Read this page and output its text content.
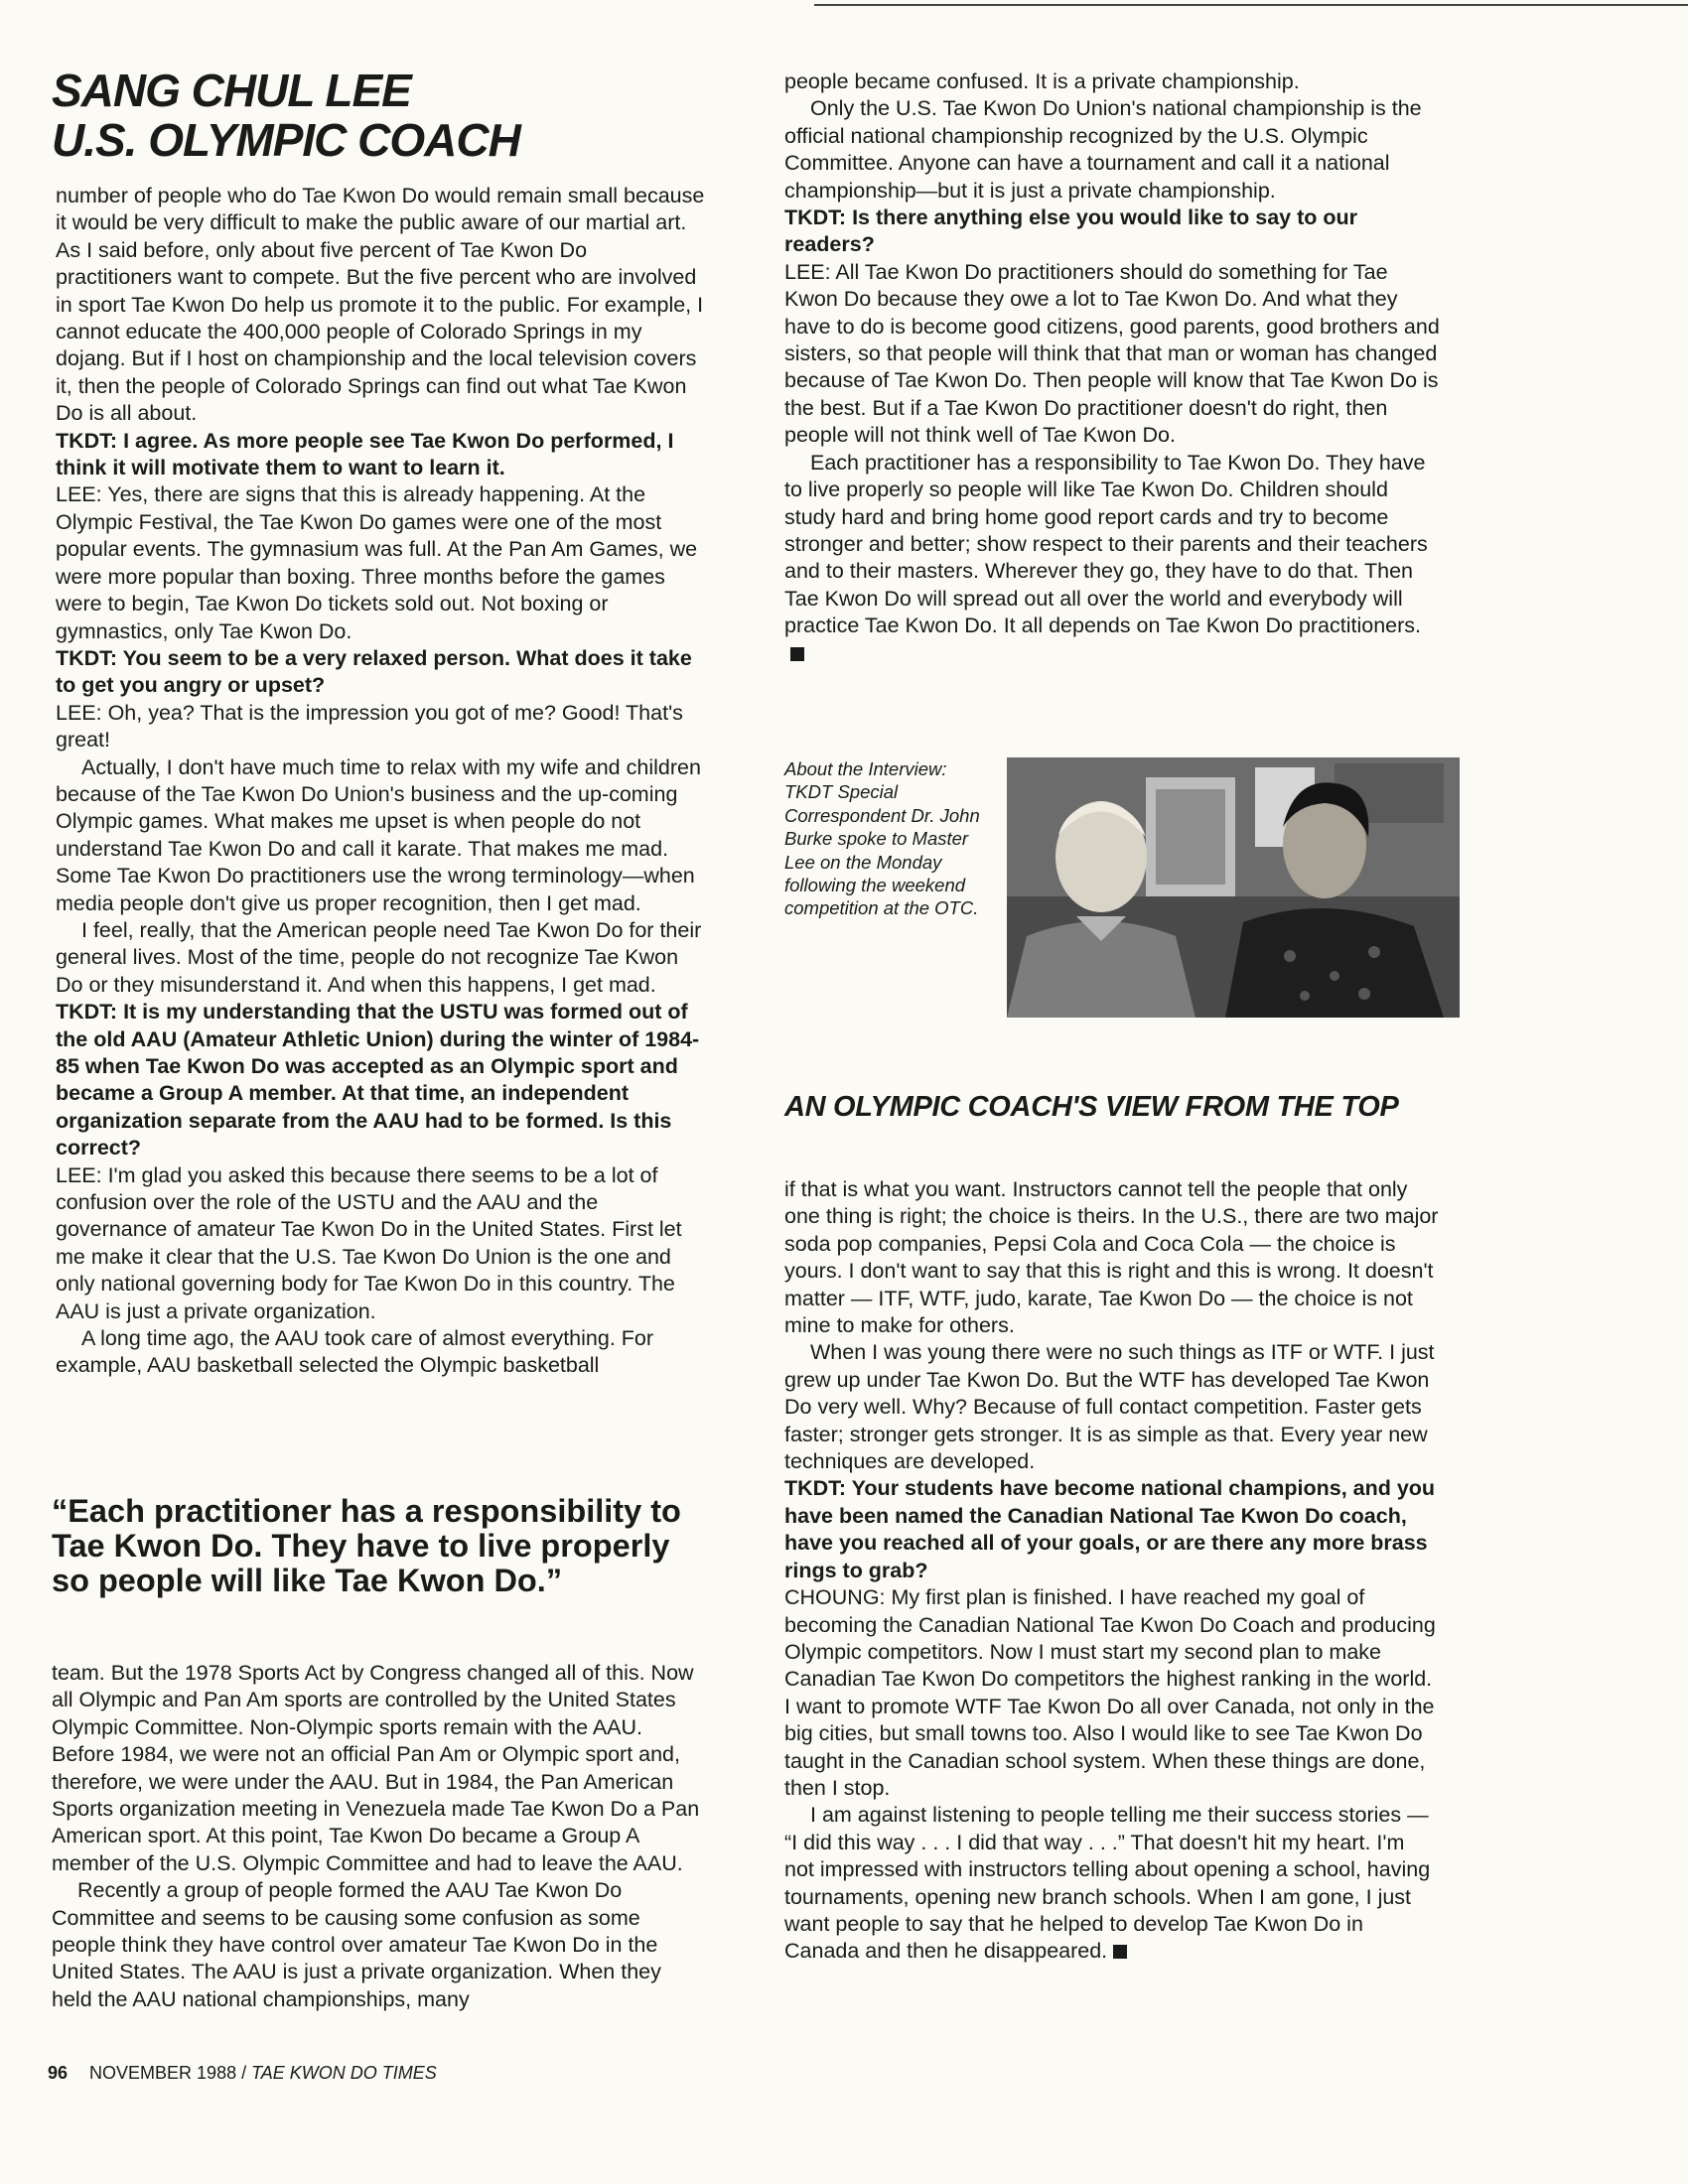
SANG CHUL LEE
U.S. OLYMPIC COACH

number of people who do Tae Kwon Do would remain small because it would be very difficult to make the public aware of our martial art. As I said before, only about five percent of Tae Kwon Do practitioners want to compete. But the five percent who are involved in sport Tae Kwon Do help us promote it to the public. For example, I cannot educate the 400,000 people of Colorado Springs in my dojang. But if I host on championship and the local television covers it, then the people of Colorado Springs can find out what Tae Kwon Do is all about.

TKDT: I agree. As more people see Tae Kwon Do performed, I think it will motivate them to want to learn it.

LEE: Yes, there are signs that this is already happening. At the Olympic Festival, the Tae Kwon Do games were one of the most popular events. The gymnasium was full. At the Pan Am Games, we were more popular than boxing. Three months before the games were to begin, Tae Kwon Do tickets sold out. Not boxing or gymnastics, only Tae Kwon Do.

TKDT: You seem to be a very relaxed person. What does it take to get you angry or upset?

LEE: Oh, yea? That is the impression you got of me? Good! That's great!

Actually, I don't have much time to relax with my wife and children because of the Tae Kwon Do Union's business and the up-coming Olympic games. What makes me upset is when people do not understand Tae Kwon Do and call it karate. That makes me mad. Some Tae Kwon Do practitioners use the wrong terminology—when media people don't give us proper recognition, then I get mad.

I feel, really, that the American people need Tae Kwon Do for their general lives. Most of the time, people do not recognize Tae Kwon Do or they misunderstand it. And when this happens, I get mad.

TKDT: It is my understanding that the USTU was formed out of the old AAU (Amateur Athletic Union) during the winter of 1984-85 when Tae Kwon Do was accepted as an Olympic sport and became a Group A member. At that time, an independent organization separate from the AAU had to be formed. Is this correct?

LEE: I'm glad you asked this because there seems to be a lot of confusion over the role of the USTU and the AAU and the governance of amateur Tae Kwon Do in the United States. First let me make it clear that the U.S. Tae Kwon Do Union is the one and only national governing body for Tae Kwon Do in this country. The AAU is just a private organization.

A long time ago, the AAU took care of almost everything. For example, AAU basketball selected the Olympic basketball

“Each practitioner has a responsibility to Tae Kwon Do. They have to live properly so people will like Tae Kwon Do.”

team. But the 1978 Sports Act by Congress changed all of this. Now all Olympic and Pan Am sports are controlled by the United States Olympic Committee. Non-Olympic sports remain with the AAU. Before 1984, we were not an official Pan Am or Olympic sport and, therefore, we were under the AAU. But in 1984, the Pan American Sports organization meeting in Venezuela made Tae Kwon Do a Pan American sport. At this point, Tae Kwon Do became a Group A member of the U.S. Olympic Committee and had to leave the AAU.

Recently a group of people formed the AAU Tae Kwon Do Committee and seems to be causing some confusion as some people think they have control over amateur Tae Kwon Do in the United States. The AAU is just a private organization. When they held the AAU national championships, many

people became confused. It is a private championship.

Only the U.S. Tae Kwon Do Union's national championship is the official national championship recognized by the U.S. Olympic Committee. Anyone can have a tournament and call it a national championship—but it is just a private championship.

TKDT: Is there anything else you would like to say to our readers?

LEE: All Tae Kwon Do practitioners should do something for Tae Kwon Do because they owe a lot to Tae Kwon Do. And what they have to do is become good citizens, good parents, good brothers and sisters, so that people will think that that man or woman has changed because of Tae Kwon Do. Then people will know that Tae Kwon Do is the best. But if a Tae Kwon Do practitioner doesn't do right, then people will not think well of Tae Kwon Do.

Each practitioner has a responsibility to Tae Kwon Do. They have to live properly so people will like Tae Kwon Do. Children should study hard and bring home good report cards and try to become stronger and better; show respect to their parents and their teachers and to their masters. Wherever they go, they have to do that. Then Tae Kwon Do will spread out all over the world and everybody will practice Tae Kwon Do. It all depends on Tae Kwon Do practitioners.

About the Interview: TKDT Special Correspondent Dr. John Burke spoke to Master Lee on the Monday following the weekend competition at the OTC.
AN OLYMPIC COACH'S VIEW FROM THE TOP

if that is what you want. Instructors cannot tell the people that only one thing is right; the choice is theirs. In the U.S., there are two major soda pop companies, Pepsi Cola and Coca Cola — the choice is yours. I don't want to say that this is right and this is wrong. It doesn't matter — ITF, WTF, judo, karate, Tae Kwon Do — the choice is not mine to make for others.

When I was young there were no such things as ITF or WTF. I just grew up under Tae Kwon Do. But the WTF has developed Tae Kwon Do very well. Why? Because of full contact competition. Faster gets faster; stronger gets stronger. It is as simple as that. Every year new techniques are developed.

TKDT: Your students have become national champions, and you have been named the Canadian National Tae Kwon Do coach, have you reached all of your goals, or are there any more brass rings to grab?

CHOUNG: My first plan is finished. I have reached my goal of becoming the Canadian National Tae Kwon Do Coach and producing Olympic competitors. Now I must start my second plan to make Canadian Tae Kwon Do competitors the highest ranking in the world. I want to promote WTF Tae Kwon Do all over Canada, not only in the big cities, but small towns too. Also I would like to see Tae Kwon Do taught in the Canadian school system. When these things are done, then I stop.

I am against listening to people telling me their success stories — “I did this way . . . I did that way . . .” That doesn't hit my heart. I'm not impressed with instructors telling about opening a school, having tournaments, opening new branch schools. When I am gone, I just want people to say that he helped to develop Tae Kwon Do in Canada and then he disappeared.

96 NOVEMBER 1988 / TAE KWON DO TIMES
